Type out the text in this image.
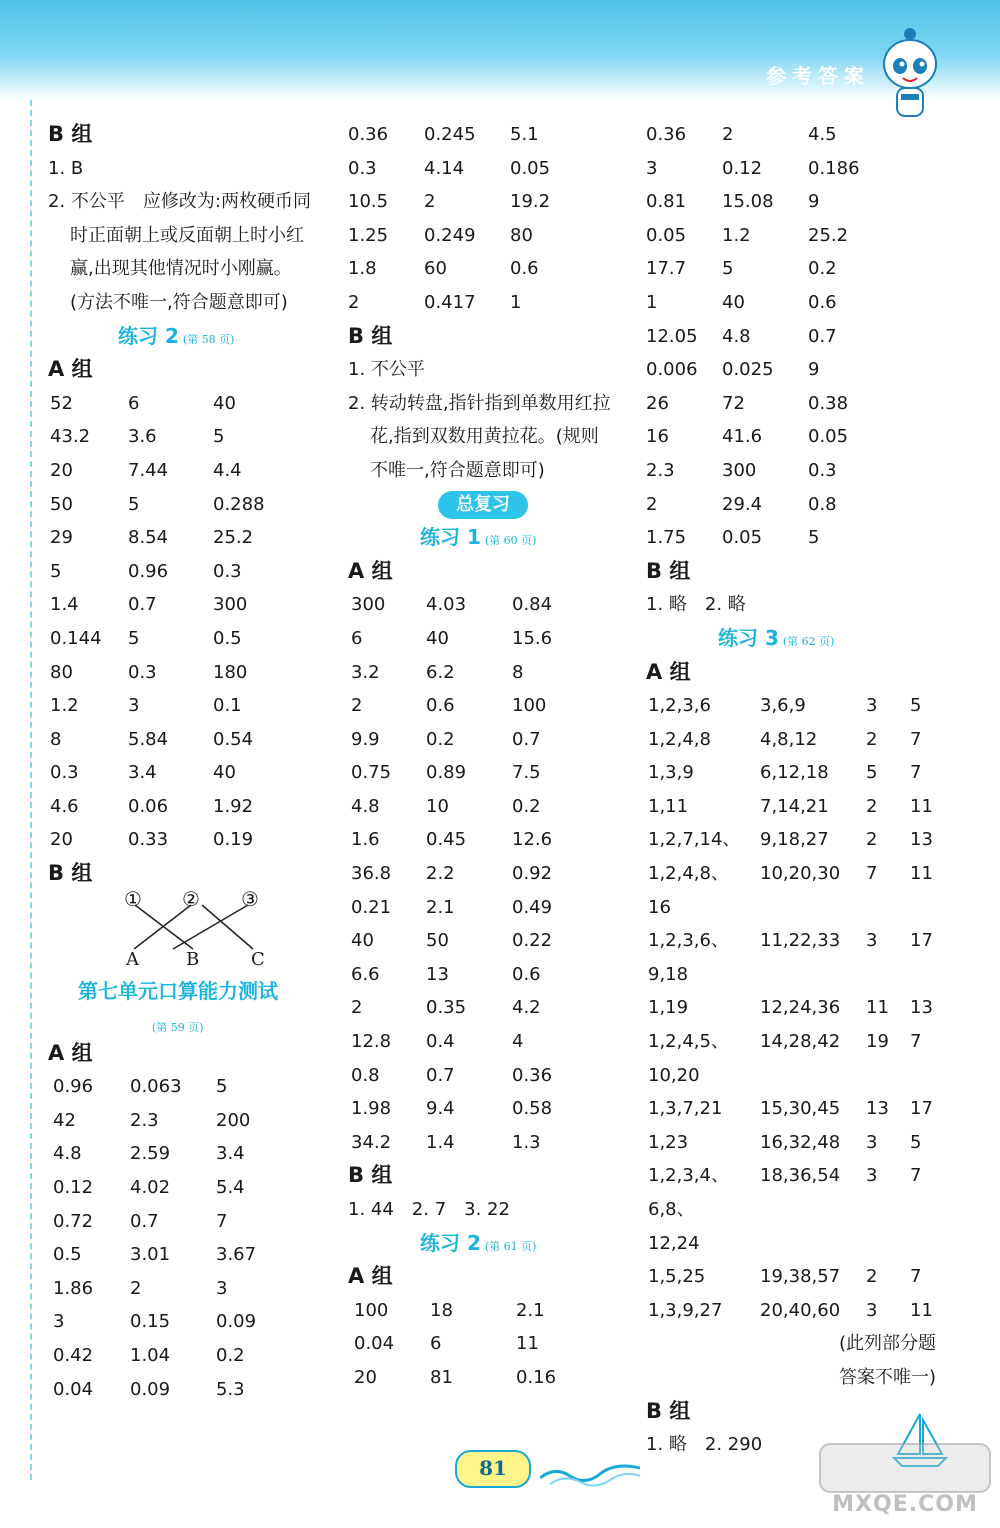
参考答案
B 组
1. B
2. 不公平　应修改为:两枚硬币同
时正面朝上或反面朝上时小红
赢,出现其他情况时小刚赢。
(方法不唯一,符合题意即可)
练习 2 (第 58 页)
A 组
52	6	40
43.2 3.6	5
20	7.44 4.4
50	5	0.288
29	8.54 25.2
5	0.96 0.3
1.4	0.7	300
0.144 5	0.5
80	0.3	180
1.2	3	0.1
8	5.84 0.54
0.3	3.4	40
4.6	0.06 1.92
20	0.33 0.19
B 组
① ② ③
A	B	C
第七单元口算能力测试
(第 59 页)
A 组
0.96 0.063 5
42	2.3	200
4.8	2.59	3.4
0.12 4.02	5.4
0.72 0.7	7
0.5	3.01	3.67
1.86 2	3
3	0.15	0.09
0.42 1.04	0.2
0.04 0.09	5.3
0.36 0.245 5.1
0.3	4.14	0.05
10.5 2	19.2
1.25 0.249 80
1.8	60	0.6
2	0.417 1
B 组
1. 不公平
2. 转动转盘,指针指到单数用红拉
花,指到双数用黄拉花。(规则
不唯一,符合题意即可)
总复习
练习 1 (第 60 页)
A 组
300 4.03	0.84
6	40	15.6
3.2	6.2	8
2	0.6	100
9.9	0.2	0.7
0.75 0.89	7.5
4.8	10	0.2
1.6	0.45	12.6
36.8 2.2	0.92
0.21 2.1	0.49
40	50	0.22
6.6	13	0.6
2	0.35	4.2
12.8 0.4	4
0.8	0.7	0.36
1.98 9.4	0.58
34.2 1.4	1.3
B 组
1. 44　2. 7　3. 22
练习 2 (第 61 页)
A 组
100 18	2.1
0.04 6	11
20	81	0.16
0.36 2	4.5
3	0.12	0.186
0.81 15.08 9
0.05 1.2	25.2
17.7 5	0.2
1	40	0.6
12.05 4.8	0.7
0.006 0.025 9
26	72	0.38
16	41.6	0.05
2.3	300	0.3
2	29.4	0.8
1.75 0.05	5
B 组
1. 略　2. 略
练习 3 (第 62 页)
A 组
1,2,3,6	3,6,9	3 5
1,2,4,8	4,8,12	2 7
1,3,9	6,12,18 5 7
1,11	7,14,21 2 11
1,2,7,14、 9,18,27 2 13
1,2,4,8、 10,20,30 7 11
16
1,2,3,6、 11,22,33 3 17
9,18
1,19	12,24,36 11 13
1,2,4,5、 14,28,42 19 7
10,20
1,3,7,21 15,30,45 13 17
1,23	16,32,48 3 5
1,2,3,4、 18,36,54 3 7
6,8、
12,24
1,5,25	19,38,57 2 7
1,3,9,27 20,40,60 3 11
(此列部分题
答案不唯一)
B 组
1. 略　2. 290
81
MXQE.COM
